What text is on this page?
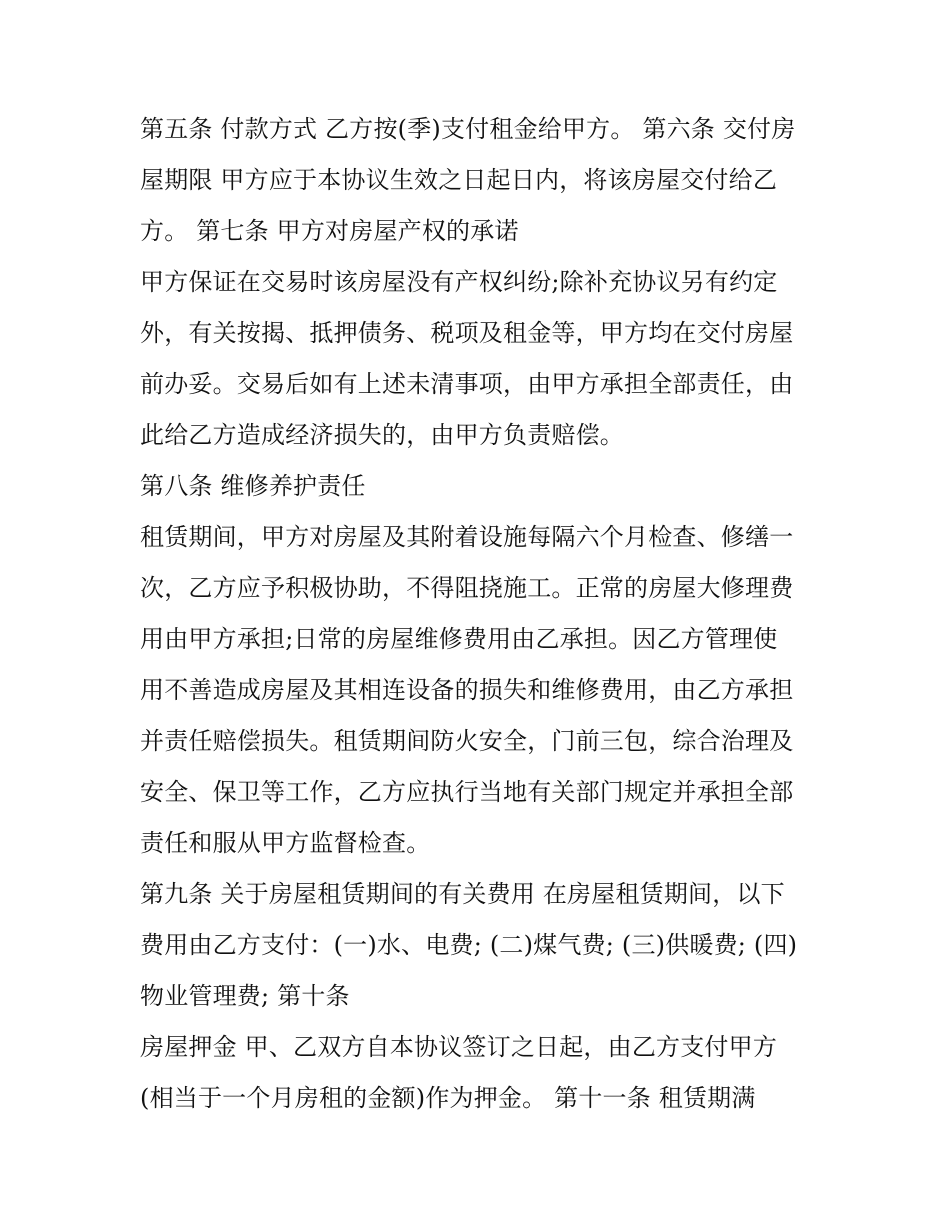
第五条 付款方式 乙方按(季)支付租金给甲方。 第六条 交付房
屋期限 甲方应于本协议生效之日起日内，将该房屋交付给乙
方。 第七条 甲方对房屋产权的承诺
甲方保证在交易时该房屋没有产权纠纷;除补充协议另有约定
外，有关按揭、抵押债务、税项及租金等，甲方均在交付房屋
前办妥。交易后如有上述未清事项，由甲方承担全部责任，由
此给乙方造成经济损失的，由甲方负责赔偿。
第八条 维修养护责任
租赁期间，甲方对房屋及其附着设施每隔六个月检查、修缮一
次，乙方应予积极协助，不得阻挠施工。正常的房屋大修理费
用由甲方承担;日常的房屋维修费用由乙承担。因乙方管理使
用不善造成房屋及其相连设备的损失和维修费用，由乙方承担
并责任赔偿损失。租赁期间防火安全，门前三包，综合治理及
安全、保卫等工作，乙方应执行当地有关部门规定并承担全部
责任和服从甲方监督检查。
第九条 关于房屋租赁期间的有关费用 在房屋租赁期间，以下
费用由乙方支付：(一)水、电费; (二)煤气费; (三)供暖费; (四)
物业管理费; 第十条
房屋押金 甲、乙双方自本协议签订之日起，由乙方支付甲方
(相当于一个月房租的金额)作为押金。 第十一条 租赁期满
